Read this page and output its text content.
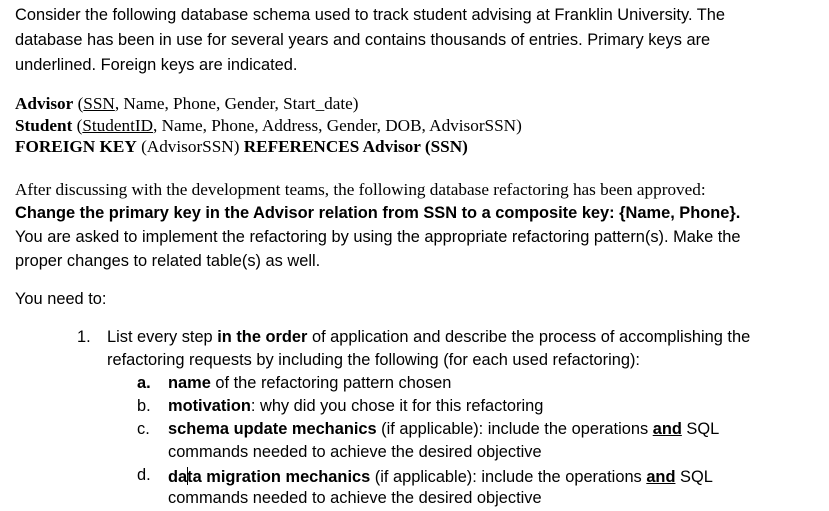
Consider the following database schema used to track student advising at Franklin University. The
database has been in use for several years and contains thousands of entries. Primary keys are
underlined. Foreign keys are indicated.
Advisor (SSN, Name, Phone, Gender, Start_date)
Student (StudentID, Name, Phone, Address, Gender, DOB, AdvisorSSN)
FOREIGN KEY (AdvisorSSN) REFERENCES Advisor (SSN)
After discussing with the development teams, the following database refactoring has been approved:
Change the primary key in the Advisor relation from SSN to a composite key: {Name, Phone}.
You are asked to implement the refactoring by using the appropriate refactoring pattern(s). Make the
proper changes to related table(s) as well.
You need to:
1. List every step in the order of application and describe the process of accomplishing the
refactoring requests by including the following (for each used refactoring):
a. name of the refactoring pattern chosen
b. motivation: why did you chose it for this refactoring
c. schema update mechanics (if applicable): include the operations and SQL
commands needed to achieve the desired objective
d. data migration mechanics (if applicable): include the operations and SQL
commands needed to achieve the desired objective
